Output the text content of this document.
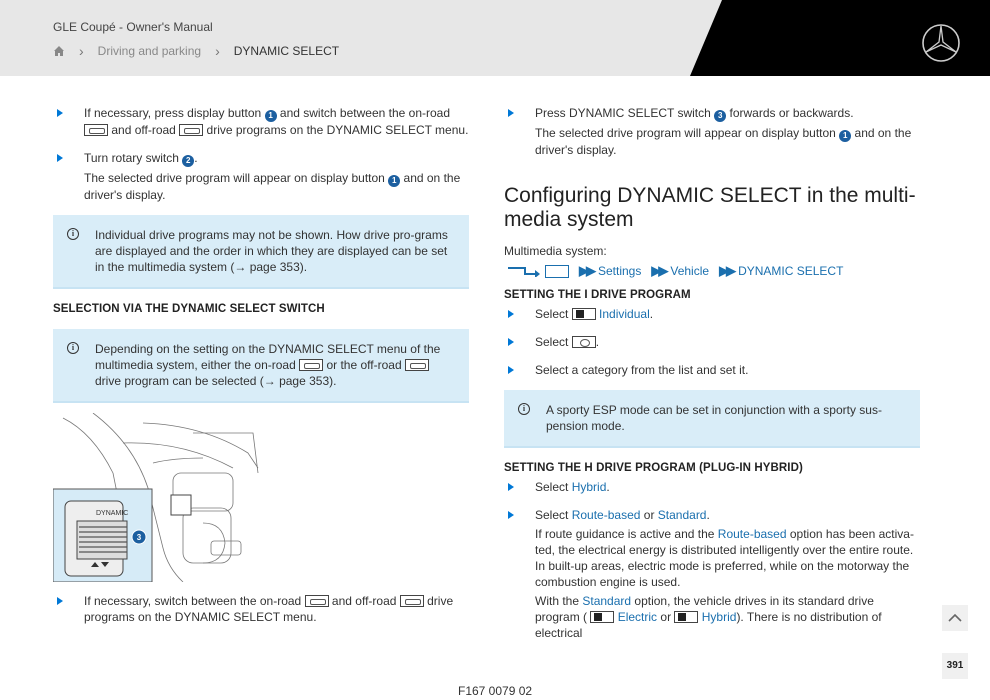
GLE Coupé - Owner's Manual
› Driving and parking › DYNAMIC SELECT

If necessary, press display button 1 and switch between the on-road  and off-road	drive programs on the DYNAMIC SELECT menu.

Turn rotary switch 2 .

The selected drive program will appear on display button 1 and on the driver's display.

i	Individual drive programs may not be shown. How drive pro-grams are displayed and the order in which they are displayed can be set in the multimedia system (→ page 353).
SELECTION VIA THE DYNAMIC SELECT SWITCH
i	Depending on the setting on the DYNAMIC SELECT menu of the multimedia system, either the on-road	or the off-road  drive program can be selected (→ page 353).
DYNAMIC
3

If necessary, switch between the on-road	and off-road	drive programs on the DYNAMIC SELECT menu.

Press DYNAMIC SELECT switch 3 forwards or backwards.

The selected drive program will appear on display button 1 and on the driver's display.

Configuring DYNAMIC SELECT in the multi-media system
Multimedia system:
▶▶ Settings ▶▶ Vehicle ▶▶ DYNAMIC SELECT
SETTING THE I DRIVE PROGRAM

Select	Individual.

Select .

Select a category from the list and set it.

i	A sporty ESP mode can be set in conjunction with a sporty sus-pension mode.
SETTING THE H DRIVE PROGRAM (PLUG-IN HYBRID)

Select Hybrid.

Select Route-based or Standard.

If route guidance is active and the Route-based option has been activa-ted, the electrical energy is distributed intelligently over the entire route. In built-up areas, electric mode is preferred, while on the motorway the combustion engine is used.

With the Standard option, the vehicle drives in its standard drive program (	Electric or	Hybrid). There is no distribution of electrical

391
F167 0079 02
